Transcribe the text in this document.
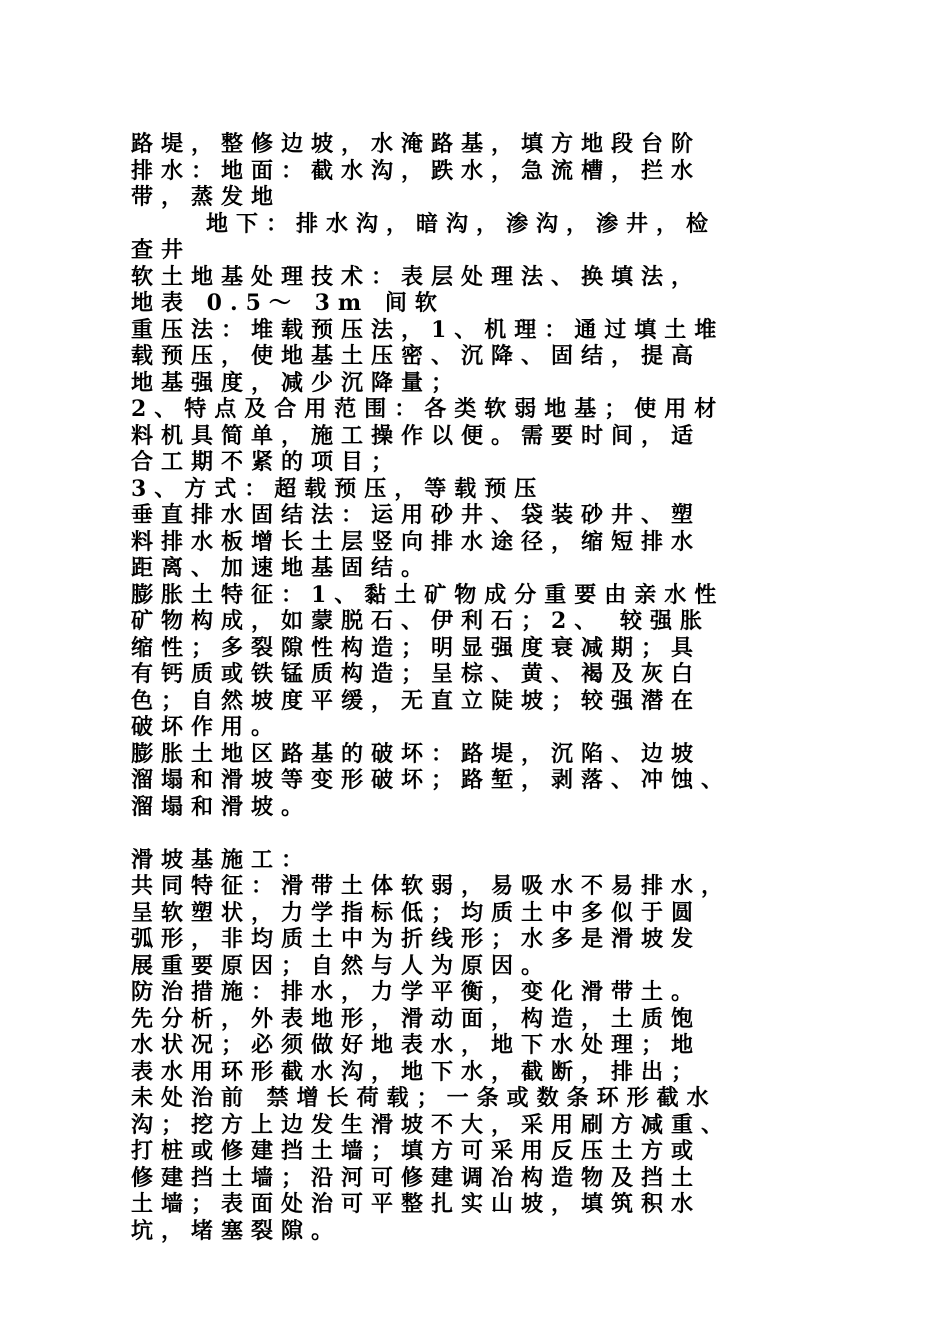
路堤，整修边坡，水淹路基，填方地段台阶
排水：地面：截水沟，跌水，急流槽，拦水
带，蒸发地
地下：排水沟，暗沟，渗沟，渗井，检
查井
软土地基处理技术：表层处理法、换填法，
地表 0.5～ 3m 间软
重压法：堆载预压法，1、机理：通过填土堆
载预压，使地基土压密、沉降、固结，提高
地基强度，减少沉降量；
2、特点及合用范围：各类软弱地基；使用材
料机具简单，施工操作以便。需要时间，适
合工期不紧的项目；
3、方式：超载预压，等载预压
垂直排水固结法：运用砂井、袋装砂井、塑
料排水板增长土层竖向排水途径，缩短排水
距离、加速地基固结。
膨胀土特征：1、黏土矿物成分重要由亲水性
矿物构成，如蒙脱石、伊利石；2、 较强胀
缩性；多裂隙性构造；明显强度衰减期；具
有钙质或铁锰质构造；呈棕、黄、褐及灰白
色；自然坡度平缓，无直立陡坡；较强潜在
破坏作用。
膨胀土地区路基的破坏：路堤，沉陷、边坡
溜塌和滑坡等变形破坏；路堑，剥落、冲蚀、
溜塌和滑坡。
滑坡基施工：
共同特征：滑带土体软弱，易吸水不易排水，
呈软塑状，力学指标低；均质土中多似于圆
弧形，非均质土中为折线形；水多是滑坡发
展重要原因；自然与人为原因。
防治措施：排水，力学平衡，变化滑带土。
先分析，外表地形，滑动面，构造，土质饱
水状况；必须做好地表水，地下水处理；地
表水用环形截水沟，地下水，截断，排出；
未处治前 禁增长荷载；一条或数条环形截水
沟；挖方上边发生滑坡不大，采用刷方减重、
打桩或修建挡土墙；填方可采用反压土方或
修建挡土墙；沿河可修建调冶构造物及挡土
土墙；表面处治可平整扎实山坡，填筑积水
坑，堵塞裂隙。
